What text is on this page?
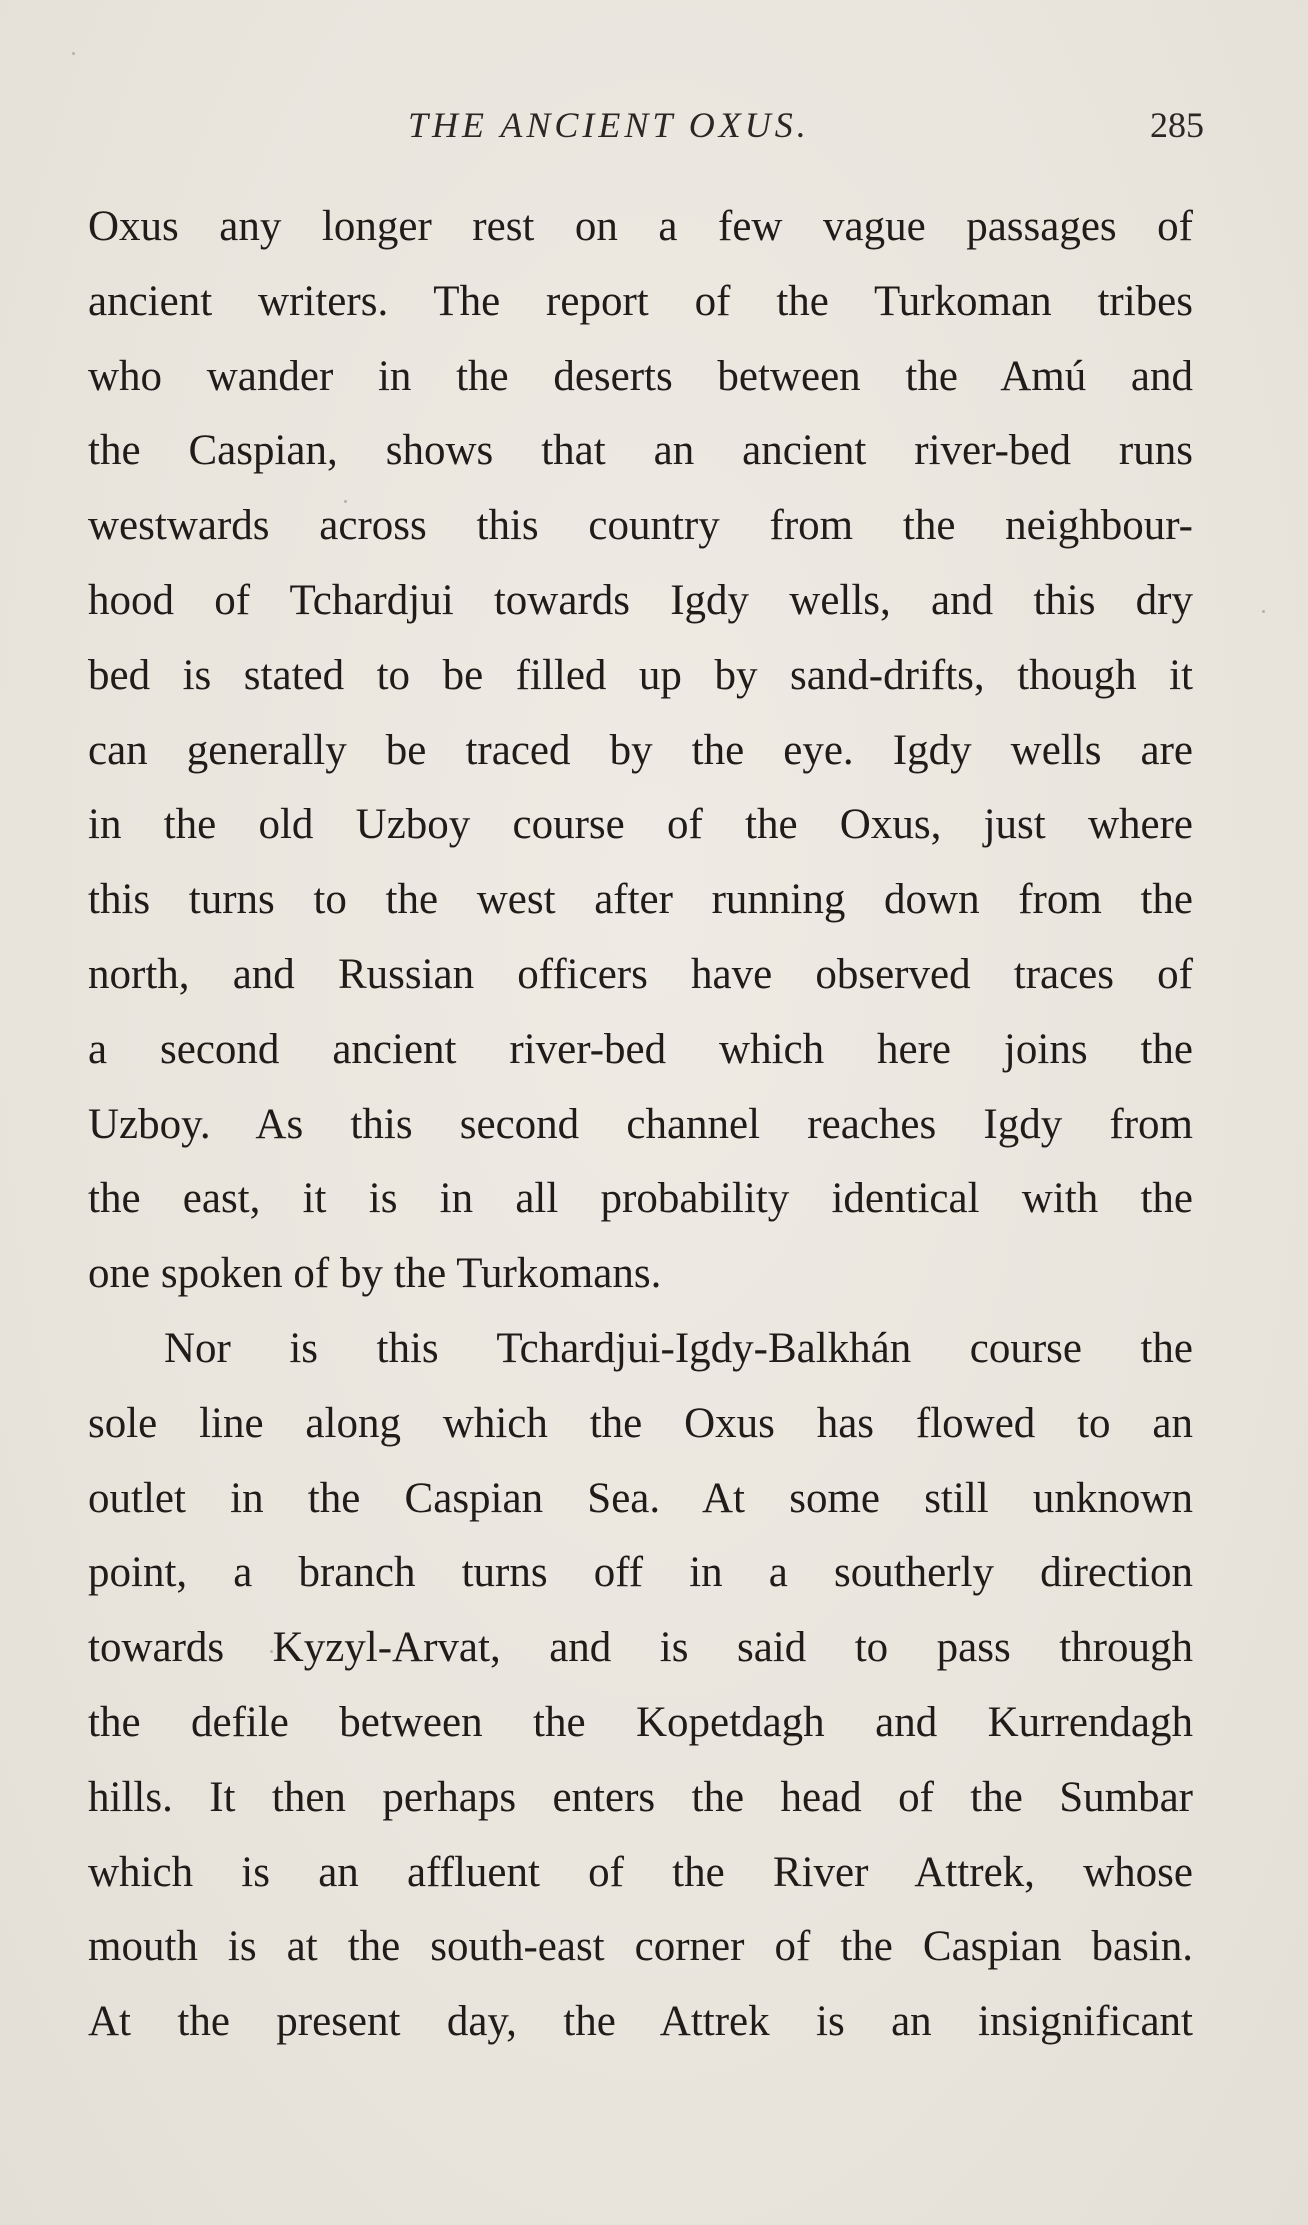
THE ANCIENT OXUS.	285
Oxus any longer rest on a few vague passages of
ancient writers. The report of the Turkoman tribes
who wander in the deserts between the Amú and
the Caspian, shows that an ancient river-bed runs
westwards across this country from the neighbour-
hood of Tchardjui towards Igdy wells, and this dry
bed is stated to be filled up by sand-drifts, though it
can generally be traced by the eye. Igdy wells are
in the old Uzboy course of the Oxus, just where
this turns to the west after running down from the
north, and Russian officers have observed traces of
a second ancient river-bed which here joins the
Uzboy. As this second channel reaches Igdy from
the east, it is in all probability identical with the
one spoken of by the Turkomans.
Nor is this Tchardjui-Igdy-Balkhán course the
sole line along which the Oxus has flowed to an
outlet in the Caspian Sea. At some still unknown
point, a branch turns off in a southerly direction
towards Kyzyl-Arvat, and is said to pass through
the defile between the Kopetdagh and Kurrendagh
hills. It then perhaps enters the head of the Sumbar
which is an affluent of the River Attrek, whose
mouth is at the south-east corner of the Caspian basin.
At the present day, the Attrek is an insignificant
